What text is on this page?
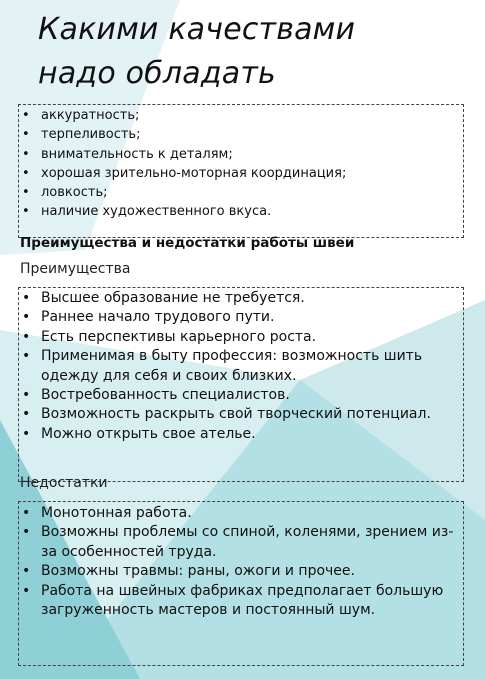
Какими качествами
надо обладать
• аккуратность;
• терпеливость;
• внимательность к деталям;
• хорошая зрительно-моторная координация;
• ловкость;
• наличие художественного вкуса.
Преимущества и недостатки работы швеи

Преимущества

• Высшее образование не требуется.
• Раннее начало трудового пути.
• Есть перспективы карьерного роста.
• Применимая в быту профессия: возможность шить одежду для себя и своих близких.
• Востребованность специалистов.
• Возможность раскрыть свой творческий потенциал.
• Можно открыть свое ателье.

Недостатки

• Монотонная работа.
• Возможны проблемы со спиной, коленями, зрением из-за особенностей труда.
• Возможны травмы: раны, ожоги и прочее.
• Работа на швейных фабриках предполагает большую загруженность мастеров и постоянный шум.
